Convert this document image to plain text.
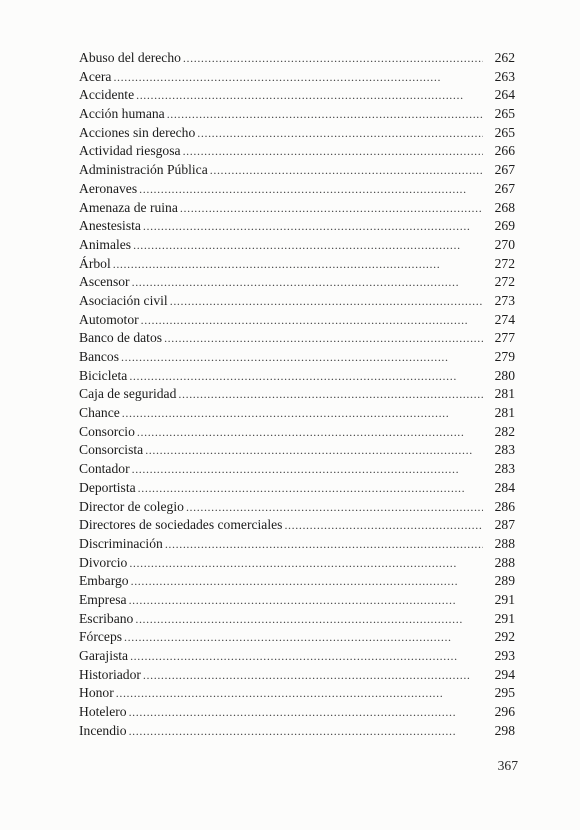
Abuso del derecho . . .	262
Acera . . .	263
Accidente . . .	264
Acción humana . . .	265
Acciones sin derecho . . .	265
Actividad riesgosa . . .	266
Administración Pública . . .	267
Aeronaves . . .	267
Amenaza de ruina . . .	268
Anestesista . . .	269
Animales . . .	270
Árbol . . .	272
Ascensor . . .	272
Asociación civil . . .	273
Automotor . . .	274
Banco de datos . . .	277
Bancos . . .	279
Bicicleta . . .	280
Caja de seguridad . . .	281
Chance . . .	281
Consorcio . . .	282
Consorcista . . .	283
Contador . . .	283
Deportista . . .	284
Director de colegio . . .	286
Directores de sociedades comerciales . . .	287
Discriminación . . .	288
Divorcio . . .	288
Embargo . . .	289
Empresa . . .	291
Escribano . . .	291
Fórceps . . .	292
Garajista . . .	293
Historiador . . .	294
Honor . . .	295
Hotelero . . .	296
Incendio . . .	298
367
